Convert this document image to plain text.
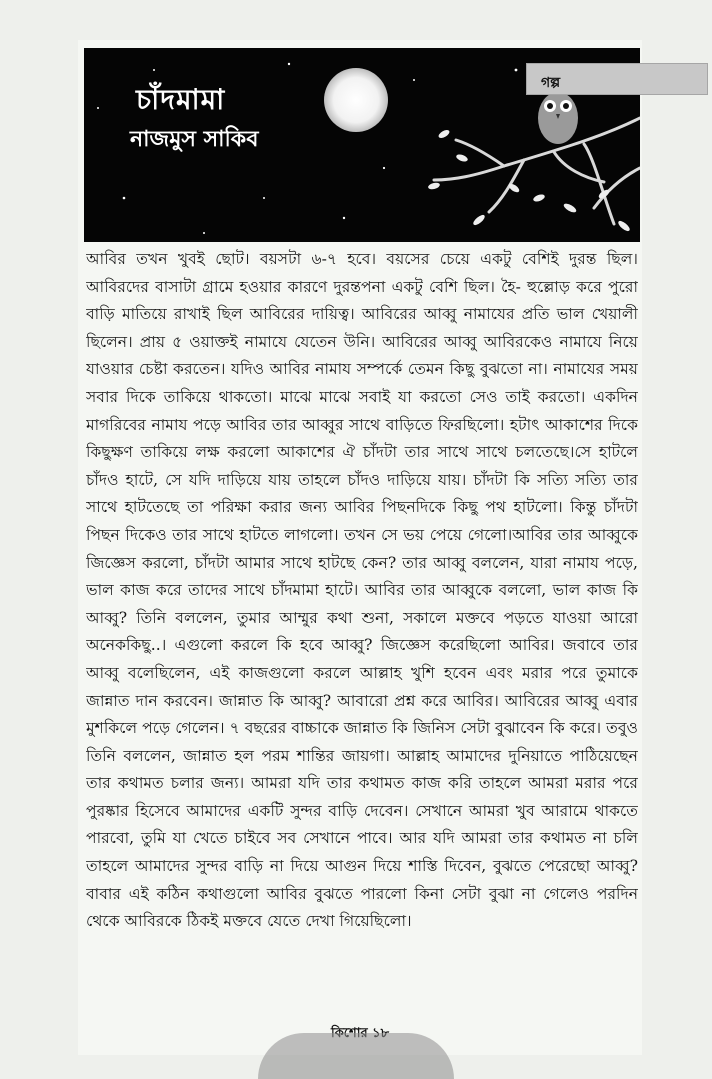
চাঁদমামা
নাজমুস সাকিব
গল্প

আবির তখন খুবই ছোট। বয়সটা ৬-৭ হবে। বয়সের চেয়ে একটু বেশিই দুরন্ত ছিল। আবিরদের বাসাটা গ্রামে হওয়ার কারণে দুরন্তপনা একটু বেশি ছিল। হৈ- হুল্লোড় করে পুরো বাড়ি মাতিয়ে রাখাই ছিল আবিরের দায়িত্ব। আবিরের আব্বু নামাযের প্রতি ভাল খেয়ালী ছিলেন। প্রায় ৫ ওয়াক্তই নামাযে যেতেন উনি। আবিরের আব্বু আবিরকেও নামাযে নিয়ে যাওয়ার চেষ্টা করতেন। যদিও আবির নামায সম্পর্কে তেমন কিছু বুঝতো না। নামাযের সময় সবার দিকে তাকিয়ে থাকতো। মাঝে মাঝে সবাই যা করতো সেও তাই করতো। একদিন মাগরিবের নামায পড়ে আবির তার আব্বুর সাথে বাড়িতে ফিরছিলো। হটাৎ আকাশের দিকে কিছুক্ষণ তাকিয়ে লক্ষ করলো আকাশের ঐ চাঁদটা তার সাথে সাথে চলতেছে।সে হাটলে চাঁদও হাটে, সে যদি দাড়িয়ে যায় তাহলে চাঁদও দাড়িয়ে যায়। চাঁদটা কি সত্যি সত্যি তার সাথে হাটতেছে তা পরিক্ষা করার জন্য আবির পিছনদিকে কিছু পথ হাটলো। কিন্তু চাঁদটা পিছন দিকেও তার সাথে হাটতে লাগলো। তখন সে ভয় পেয়ে গেলো।আবির তার আব্বুকে জিজ্ঞেস করলো, চাঁদটা আমার সাথে হাটছে কেন? তার আব্বু বললেন, যারা নামায পড়ে, ভাল কাজ করে তাদের সাথে চাঁদমামা হাটে। আবির তার আব্বুকে বললো, ভাল কাজ কি আব্বু? তিনি বললেন, তুমার আম্মুর কথা শুনা, সকালে মক্তবে পড়তে যাওয়া আরো অনেককিছু..। এগুলো করলে কি হবে আব্বু? জিজ্ঞেস করেছিলো আবির। জবাবে তার আব্বু বলেছিলেন, এই কাজগুলো করলে আল্লাহ খুশি হবেন এবং মরার পরে তুমাকে জান্নাত দান করবেন। জান্নাত কি আব্বু? আবারো প্রশ্ন করে আবির। আবিরের আব্বু এবার মুশকিলে পড়ে গেলেন। ৭ বছরের বাচ্চাকে জান্নাত কি জিনিস সেটা বুঝাবেন কি করে। তবুও তিনি বললেন, জান্নাত হল পরম শান্তির জায়গা। আল্লাহ আমাদের দুনিয়াতে পাঠিয়েছেন তার কথামত চলার জন্য। আমরা যদি তার কথামত কাজ করি তাহলে আমরা মরার পরে পুরষ্কার হিসেবে আমাদের একটি সুন্দর বাড়ি দেবেন। সেখানে আমরা খুব আরামে থাকতে পারবো, তুমি যা খেতে চাইবে সব সেখানে পাবে। আর যদি আমরা তার কথামত না চলি তাহলে আমাদের সুন্দর বাড়ি না দিয়ে আগুন দিয়ে শাস্তি দিবেন, বুঝতে পেরেছো আব্বু? বাবার এই কঠিন কথাগুলো আবির বুঝতে পারলো কিনা সেটা বুঝা না গেলেও পরদিন থেকে আবিরকে ঠিকই মক্তবে যেতে দেখা গিয়েছিলো।
